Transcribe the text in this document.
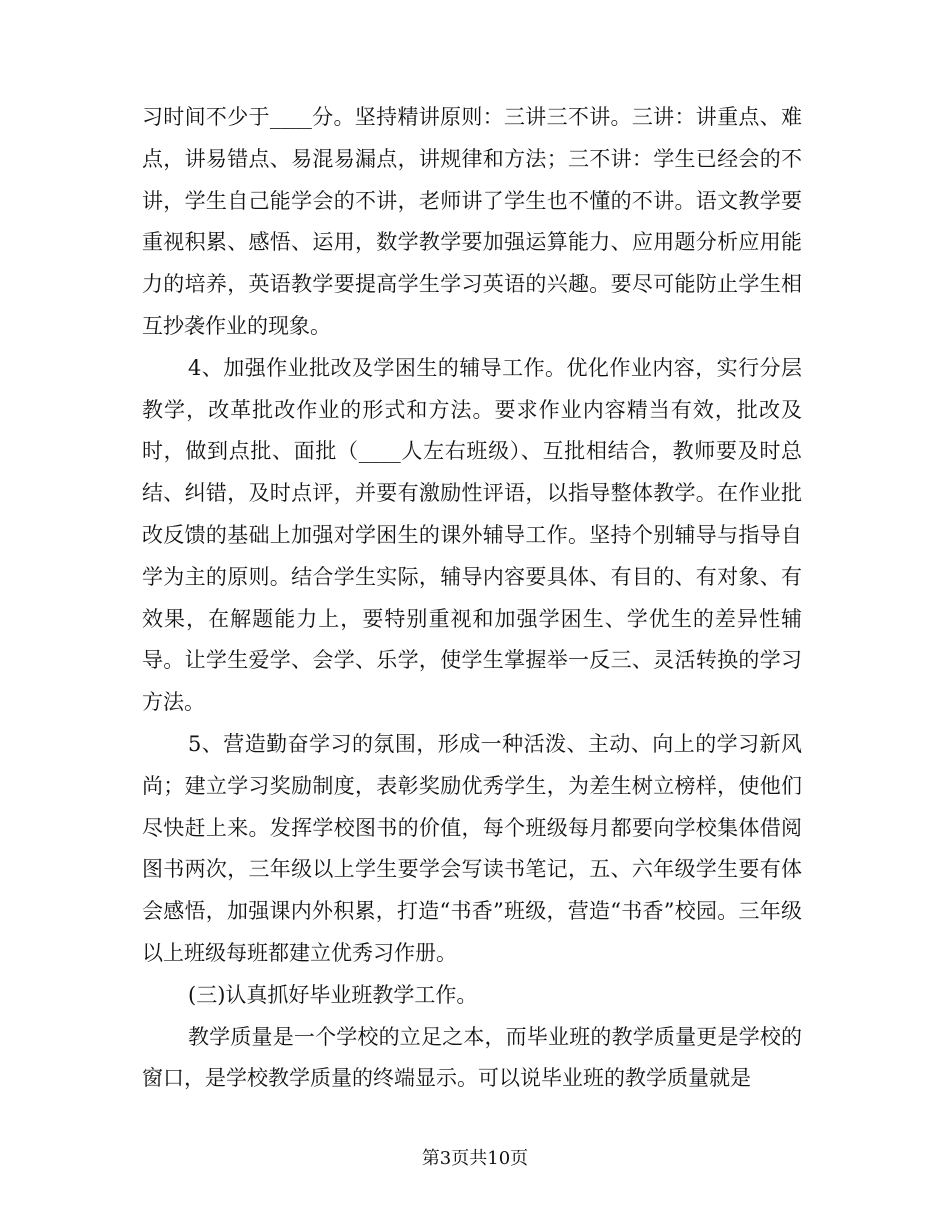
习时间不少于____分。坚持精讲原则：三讲三不讲。三讲：讲重点、难点，讲易错点、易混易漏点，讲规律和方法；三不讲：学生已经会的不讲，学生自己能学会的不讲，老师讲了学生也不懂的不讲。语文教学要重视积累、感悟、运用，数学教学要加强运算能力、应用题分析应用能力的培养，英语教学要提高学生学习英语的兴趣。要尽可能防止学生相互抄袭作业的现象。

4、加强作业批改及学困生的辅导工作。优化作业内容，实行分层教学，改革批改作业的形式和方法。要求作业内容精当有效，批改及时，做到点批、面批（____人左右班级）、互批相结合，教师要及时总结、纠错，及时点评，并要有激励性评语，以指导整体教学。在作业批改反馈的基础上加强对学困生的课外辅导工作。坚持个别辅导与指导自学为主的原则。结合学生实际，辅导内容要具体、有目的、有对象、有效果，在解题能力上，要特别重视和加强学困生、学优生的差异性辅导。让学生爱学、会学、乐学，使学生掌握举一反三、灵活转换的学习方法。

5、营造勤奋学习的氛围，形成一种活泼、主动、向上的学习新风尚；建立学习奖励制度，表彰奖励优秀学生，为差生树立榜样，使他们尽快赶上来。发挥学校图书的价值，每个班级每月都要向学校集体借阅图书两次，三年级以上学生要学会写读书笔记，五、六年级学生要有体会感悟，加强课内外积累，打造“书香”班级，营造“书香”校园。三年级以上班级每班都建立优秀习作册。

(三)认真抓好毕业班教学工作。

教学质量是一个学校的立足之本，而毕业班的教学质量更是学校的窗口，是学校教学质量的终端显示。可以说毕业班的教学质量就是

第3页共10页
